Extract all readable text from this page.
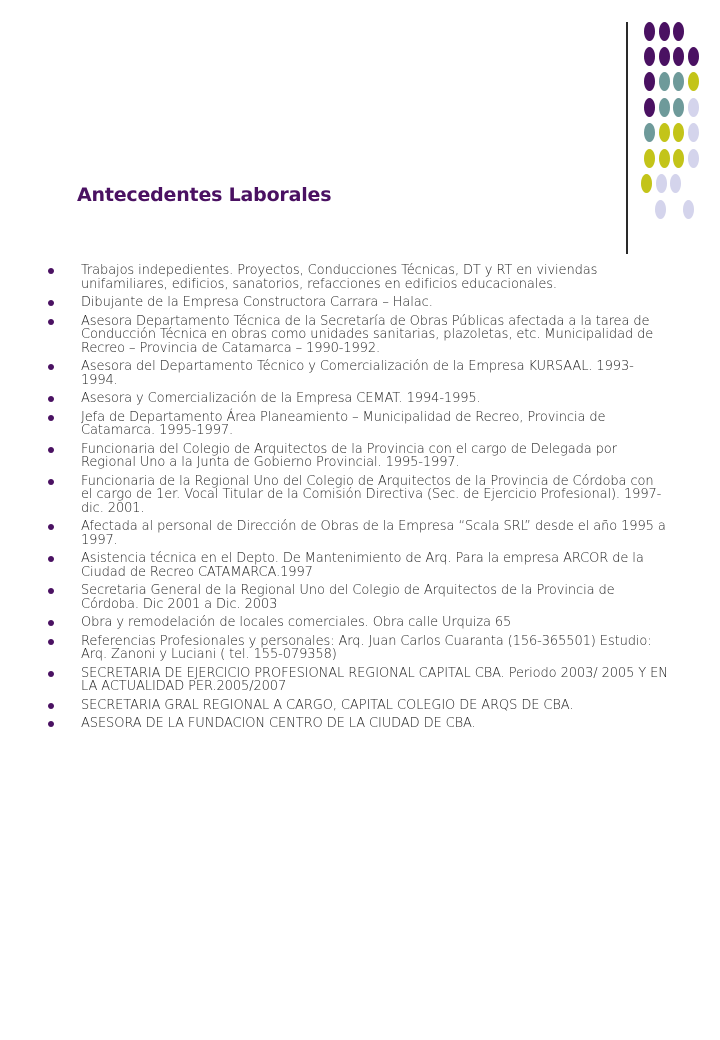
Antecedentes Laborales
Trabajos indepedientes. Proyectos, Conducciones Técnicas, DT y RT en viviendas unifamiliares, edificios, sanatorios, refacciones en edificios educacionales.
Dibujante de la Empresa Constructora Carrara – Halac.
Asesora Departamento Técnica de la Secretaría de Obras Públicas afectada a la tarea de Conducción Técnica en obras como unidades sanitarias, plazoletas, etc. Municipalidad de Recreo – Provincia de Catamarca – 1990-1992.
Asesora del Departamento Técnico y Comercialización de la Empresa KURSAAL. 1993-1994.
Asesora y Comercialización de la Empresa CEMAT. 1994-1995.
Jefa de Departamento Área Planeamiento – Municipalidad de Recreo, Provincia de Catamarca. 1995-1997.
Funcionaria del Colegio de Arquitectos de la Provincia con el cargo de Delegada por Regional Uno a la Junta de Gobierno Provincial. 1995-1997.
Funcionaria de la Regional Uno del Colegio de Arquitectos de la Provincia de Córdoba con el cargo de 1er. Vocal Titular de la Comisión Directiva (Sec. de Ejercicio Profesional). 1997-dic. 2001.
Afectada al personal de Dirección de Obras de la Empresa “Scala SRL” desde el año 1995 a 1997.
Asistencia técnica en el Depto. De Mantenimiento de Arq. Para la empresa ARCOR de la Ciudad de Recreo CATAMARCA.1997
Secretaria General de la Regional Uno del Colegio de Arquitectos de la Provincia de Córdoba. Dic 2001 a Dic. 2003
Obra y remodelación de locales comerciales. Obra calle Urquiza 65
Referencias Profesionales y personales: Arq. Juan Carlos Cuaranta (156-365501) Estudio: Arq. Zanoni y Luciani ( tel. 155-079358)
SECRETARIA DE EJERCICIO PROFESIONAL REGIONAL CAPITAL CBA. Periodo 2003/ 2005 Y EN LA ACTUALIDAD PER.2005/2007
SECRETARIA GRAL REGIONAL A CARGO, CAPITAL COLEGIO DE ARQS DE CBA.
ASESORA DE LA FUNDACION CENTRO DE LA CIUDAD DE CBA.
